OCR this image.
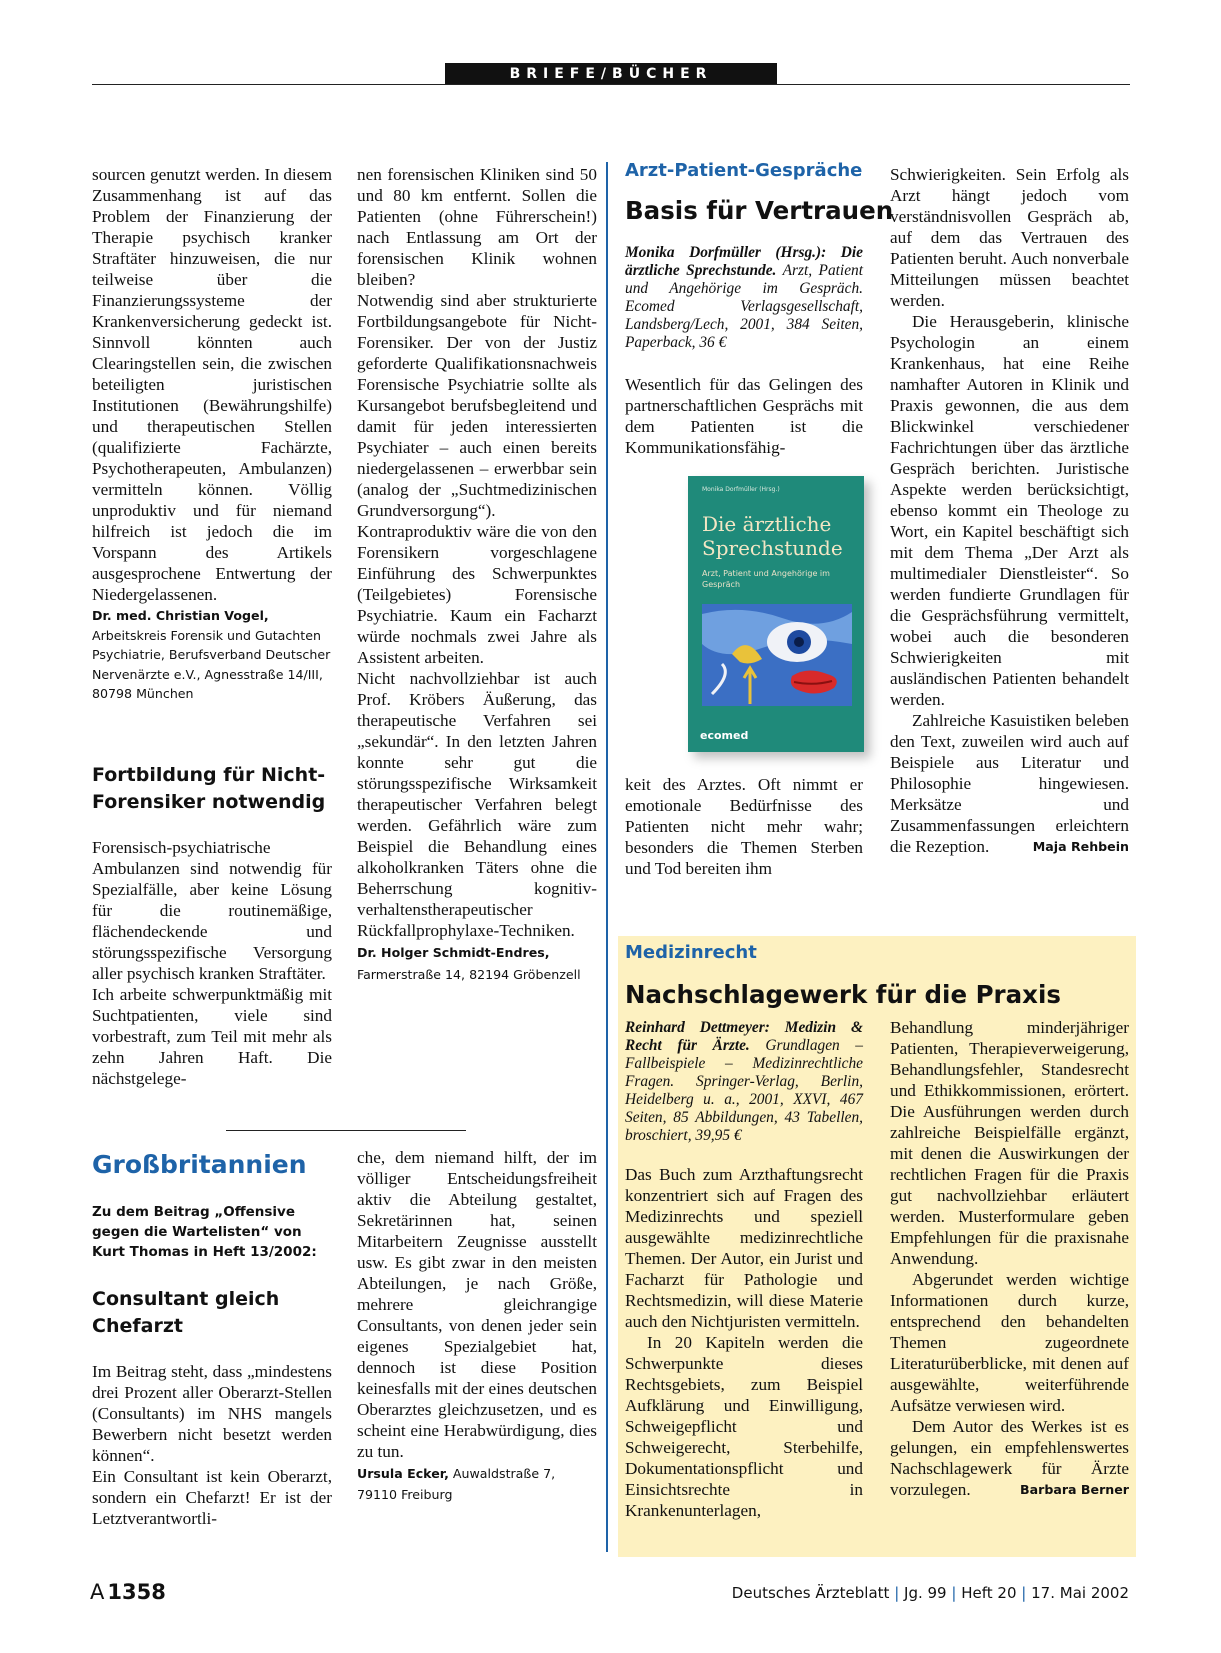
BRIEFE/BÜCHER

sourcen genutzt werden. In diesem Zusammenhang ist auf das Problem der Finanzierung der Therapie psychisch kranker Straftäter hinzuweisen, die nur teilweise über die Finanzierungssysteme der Krankenversicherung gedeckt ist. Sinnvoll könnten auch Clearingstellen sein, die zwischen beteiligten juristischen Institutionen (Bewährungshilfe) und therapeutischen Stellen (qualifizierte Fachärzte, Psychotherapeuten, Ambulanzen) vermitteln können. Völlig unproduktiv und für niemand hilfreich ist jedoch die im Vorspann des Artikels ausgesprochene Entwertung der Niedergelassenen.

Dr. med. Christian Vogel, Arbeitskreis Forensik und Gutachten Psychiatrie, Berufsverband Deutscher Nervenärzte e.V., Agnesstraße 14/III, 80798 München

Fortbildung für Nicht-Forensiker notwendig

Forensisch-psychiatrische Ambulanzen sind notwendig für Spezialfälle, aber keine Lösung für die routinemäßige, flächendeckende und störungsspezifische Versorgung aller psychisch kranken Straftäter.

Ich arbeite schwerpunktmäßig mit Suchtpatienten, viele sind vorbestraft, zum Teil mit mehr als zehn Jahren Haft. Die nächstgelege-

nen forensischen Kliniken sind 50 und 80 km entfernt. Sollen die Patienten (ohne Führerschein!) nach Entlassung am Ort der forensischen Klinik wohnen bleiben?

Notwendig sind aber strukturierte Fortbildungsangebote für Nicht-Forensiker. Der von der Justiz geforderte Qualifikationsnachweis Forensische Psychiatrie sollte als Kursangebot berufsbegleitend und damit für jeden interessierten Psychiater – auch einen bereits niedergelassenen – erwerbbar sein (analog der „Suchtmedizinischen Grundversorgung“). Kontraproduktiv wäre die von den Forensikern vorgeschlagene Einführung des Schwerpunktes (Teilgebietes) Forensische Psychiatrie. Kaum ein Facharzt würde nochmals zwei Jahre als Assistent arbeiten.

Nicht nachvollziehbar ist auch Prof. Kröbers Äußerung, das therapeutische Verfahren sei „sekundär“. In den letzten Jahren konnte sehr gut die störungsspezifische Wirksamkeit therapeutischer Verfahren belegt werden. Gefährlich wäre zum Beispiel die Behandlung eines alkoholkranken Täters ohne die Beherrschung kognitiv-verhaltenstherapeutischer Rückfallprophylaxe-Techniken.

Dr. Holger Schmidt-Endres, Farmerstraße 14, 82194 Gröbenzell

Großbritannien
Zu dem Beitrag „Offensive gegen die Wartelisten“ von Kurt Thomas in Heft 13/2002:
Consultant gleich Chefarzt

Im Beitrag steht, dass „mindestens drei Prozent aller Oberarzt-Stellen (Consultants) im NHS mangels Bewerbern nicht besetzt werden können“.

Ein Consultant ist kein Oberarzt, sondern ein Chefarzt! Er ist der Letztverantwortli-

che, dem niemand hilft, der im völliger Entscheidungsfreiheit aktiv die Abteilung gestaltet, Sekretärinnen hat, seinen Mitarbeitern Zeugnisse ausstellt usw. Es gibt zwar in den meisten Abteilungen, je nach Größe, mehrere gleichrangige Consultants, von denen jeder sein eigenes Spezialgebiet hat, dennoch ist diese Position keinesfalls mit der eines deutschen Oberarztes gleichzusetzen, und es scheint eine Herabwürdigung, dies zu tun.

Ursula Ecker, Auwaldstraße 7, 79110 Freiburg

Arzt-Patient-Gespräche
Basis für Vertrauen
Monika Dorfmüller (Hrsg.): Die ärztliche Sprechstunde. Arzt, Patient und Angehörige im Gespräch. Ecomed Verlagsgesellschaft, Landsberg/Lech, 2001, 384 Seiten, Paperback, 36 €
Wesentlich für das Gelingen des partnerschaftlichen Gesprächs mit dem Patienten ist die Kommunikationsfähig-
Monika Dorfmüller (Hrsg.)
Die ärztliche
Sprechstunde
Arzt, Patient und Angehörige im Gespräch
ecomed
keit des Arztes. Oft nimmt er emotionale Bedürfnisse des Patienten nicht mehr wahr; besonders die Themen Sterben und Tod bereiten ihm

Schwierigkeiten. Sein Erfolg als Arzt hängt jedoch vom verständnisvollen Gespräch ab, auf dem das Vertrauen des Patienten beruht. Auch nonverbale Mitteilungen müssen beachtet werden.

Die Herausgeberin, klinische Psychologin an einem Krankenhaus, hat eine Reihe namhafter Autoren in Klinik und Praxis gewonnen, die aus dem Blickwinkel verschiedener Fachrichtungen über das ärztliche Gespräch berichten. Juristische Aspekte werden berücksichtigt, ebenso kommt ein Theologe zu Wort, ein Kapitel beschäftigt sich mit dem Thema „Der Arzt als multimedialer Dienstleister“. So werden fundierte Grundlagen für die Gesprächsführung vermittelt, wobei auch die besonderen Schwierigkeiten mit ausländischen Patienten behandelt werden.

Zahlreiche Kasuistiken beleben den Text, zuweilen wird auch auf Beispiele aus Literatur und Philosophie hingewiesen. Merksätze und Zusammenfassungen erleichtern die Rezeption.	Maja Rehbein

Medizinrecht
Nachschlagewerk für die Praxis
Reinhard Dettmeyer: Medizin & Recht für Ärzte. Grundlagen – Fallbeispiele – Medizinrechtliche Fragen. Springer-Verlag, Berlin, Heidelberg u. a., 2001, XXVI, 467 Seiten, 85 Abbildungen, 43 Tabellen, broschiert, 39,95 €

Das Buch zum Arzthaftungsrecht konzentriert sich auf Fragen des Medizinrechts und speziell ausgewählte medizinrechtliche Themen. Der Autor, ein Jurist und Facharzt für Pathologie und Rechtsmedizin, will diese Materie auch den Nichtjuristen vermitteln.

In 20 Kapiteln werden die Schwerpunkte dieses Rechtsgebiets, zum Beispiel Aufklärung und Einwilligung, Schweigepflicht und Schweigerecht, Sterbehilfe, Dokumentationspflicht und Einsichtsrechte in Krankenunterlagen,

Behandlung minderjähriger Patienten, Therapieverweigerung, Behandlungsfehler, Standesrecht und Ethikkommissionen, erörtert. Die Ausführungen werden durch zahlreiche Beispielfälle ergänzt, mit denen die Auswirkungen der rechtlichen Fragen für die Praxis gut nachvollziehbar erläutert werden. Musterformulare geben Empfehlungen für die praxisnahe Anwendung.

Abgerundet werden wichtige Informationen durch kurze, entsprechend den behandelten Themen zugeordnete Literaturüberblicke, mit denen auf ausgewählte, weiterführende Aufsätze verwiesen wird.

Dem Autor des Werkes ist es gelungen, ein empfehlenswertes Nachschlagewerk für Ärzte vorzulegen.	Barbara Berner

A 1358	Deutsches Ärzteblatt | Jg. 99 | Heft 20 | 17. Mai 2002
